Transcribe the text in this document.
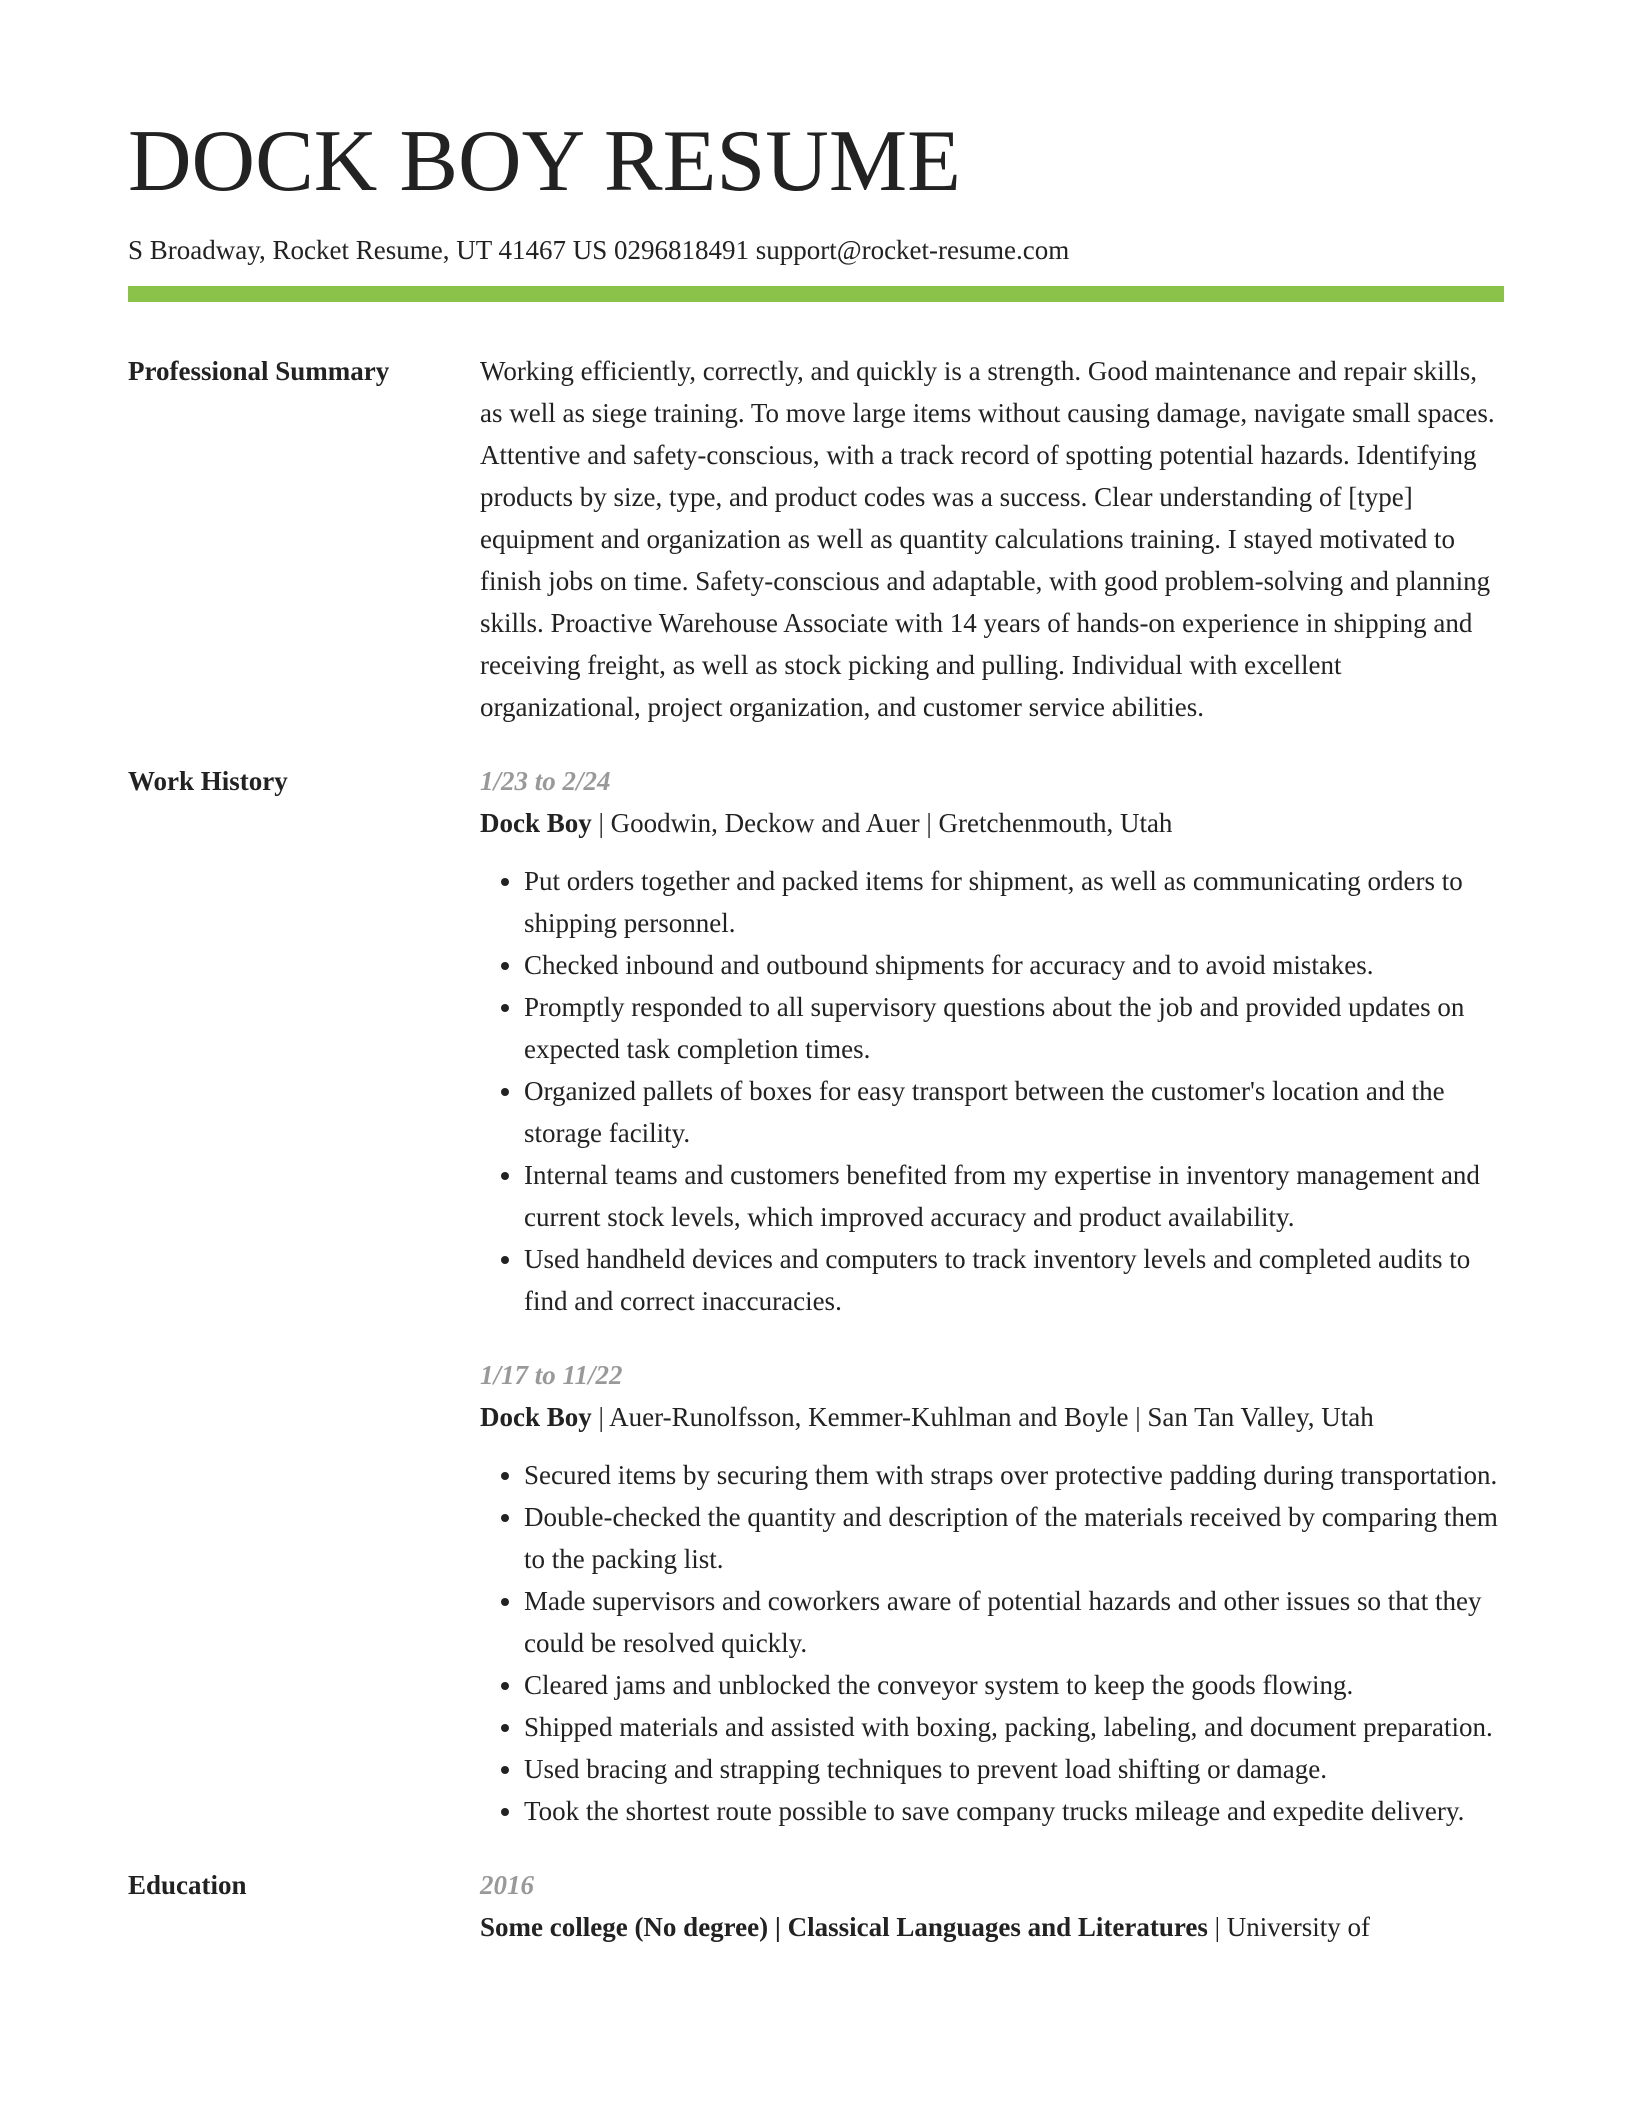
DOCK BOY RESUME
S Broadway, Rocket Resume, UT 41467 US 0296818491 support@rocket-resume.com
Professional Summary	Working efficiently, correctly, and quickly is a strength. Good maintenance and repair skills, as well as siege training. To move large items without causing damage, navigate small spaces. Attentive and safety-conscious, with a track record of spotting potential hazards. Identifying products by size, type, and product codes was a success. Clear understanding of [type] equipment and organization as well as quantity calculations training. I stayed motivated to finish jobs on time. Safety-conscious and adaptable, with good problem-solving and planning skills. Proactive Warehouse Associate with 14 years of hands-on experience in shipping and receiving freight, as well as stock picking and pulling. Individual with excellent organizational, project organization, and customer service abilities.

Work History	1/23 to 2/24
Dock Boy | Goodwin, Deckow and Auer | Gretchenmouth, Utah
• Put orders together and packed items for shipment, as well as communicating orders to shipping personnel.
• Checked inbound and outbound shipments for accuracy and to avoid mistakes.
• Promptly responded to all supervisory questions about the job and provided updates on expected task completion times.
• Organized pallets of boxes for easy transport between the customer's location and the storage facility.
• Internal teams and customers benefited from my expertise in inventory management and current stock levels, which improved accuracy and product availability.
• Used handheld devices and computers to track inventory levels and completed audits to find and correct inaccuracies.
1/17 to 11/22
Dock Boy | Auer-Runolfsson, Kemmer-Kuhlman and Boyle | San Tan Valley, Utah
• Secured items by securing them with straps over protective padding during transportation.
• Double-checked the quantity and description of the materials received by comparing them to the packing list.
• Made supervisors and coworkers aware of potential hazards and other issues so that they could be resolved quickly.
• Cleared jams and unblocked the conveyor system to keep the goods flowing.
• Shipped materials and assisted with boxing, packing, labeling, and document preparation.
• Used bracing and strapping techniques to prevent load shifting or damage.
• Took the shortest route possible to save company trucks mileage and expedite delivery.
Education	2016
Some college (No degree) | Classical Languages and Literatures | University of
